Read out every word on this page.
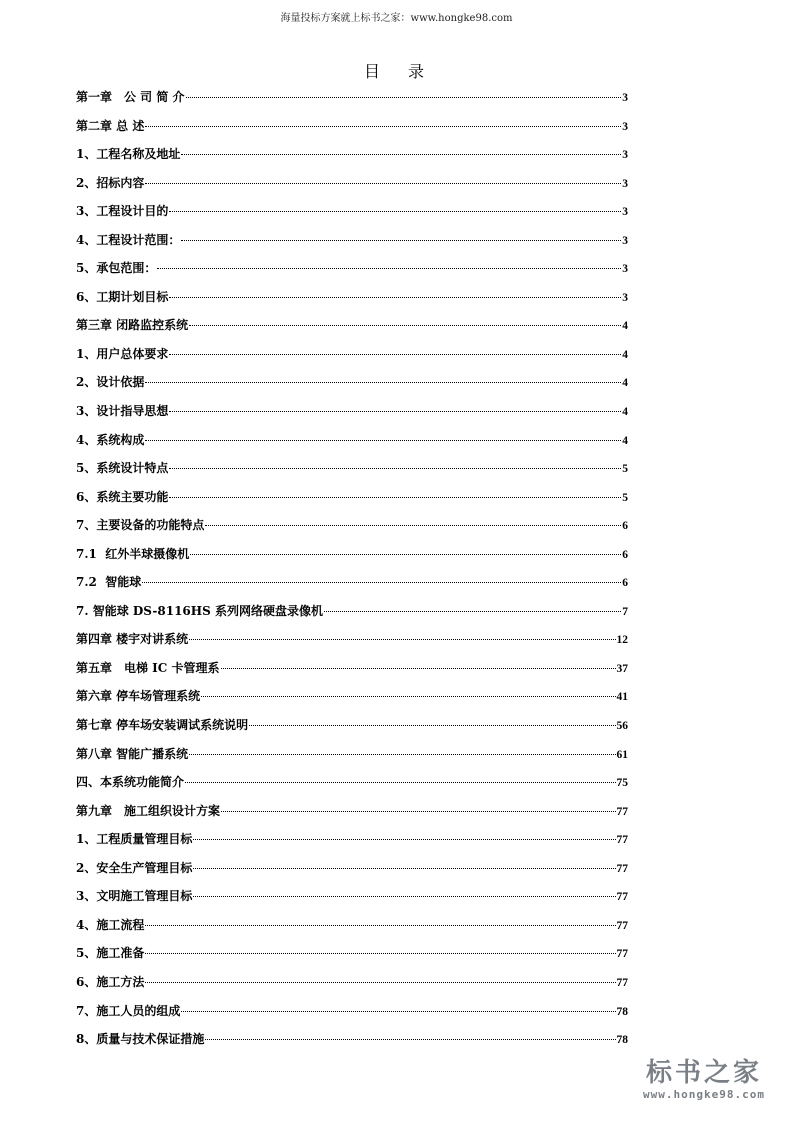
海量投标方案就上标书之家：www.hongke98.com
目录
第一章　公 司 简 介	3
第二章 总 述	3
1、工程名称及地址	3
2、招标内容	3
3、工程设计目的	3
4、工程设计范围：	3
5、承包范围：	3
6、工期计划目标	3
第三章 闭路监控系统	4
1、用户总体要求	4
2、设计依据	4
3、设计指导思想	4
4、系统构成	4
5、系统设计特点	5
6、系统主要功能	5
7、主要设备的功能特点	6
7.1  红外半球摄像机	6
7.2  智能球	6
7. 智能球 DS-8116HS 系列网络硬盘录像机	7
第四章 楼宇对讲系统	12
第五章　电梯 IC 卡管理系	37
第六章 停车场管理系统	41
第七章 停车场安装调试系统说明	56
第八章 智能广播系统	61
四、本系统功能简介	75
第九章　施工组织设计方案	77
1、工程质量管理目标	77
2、安全生产管理目标	77
3、文明施工管理目标	77
4、施工流程	77
5、施工准备	77
6、施工方法	77
7、施工人员的组成	78
8、质量与技术保证措施	78
标书之家
www.hongke98.com
